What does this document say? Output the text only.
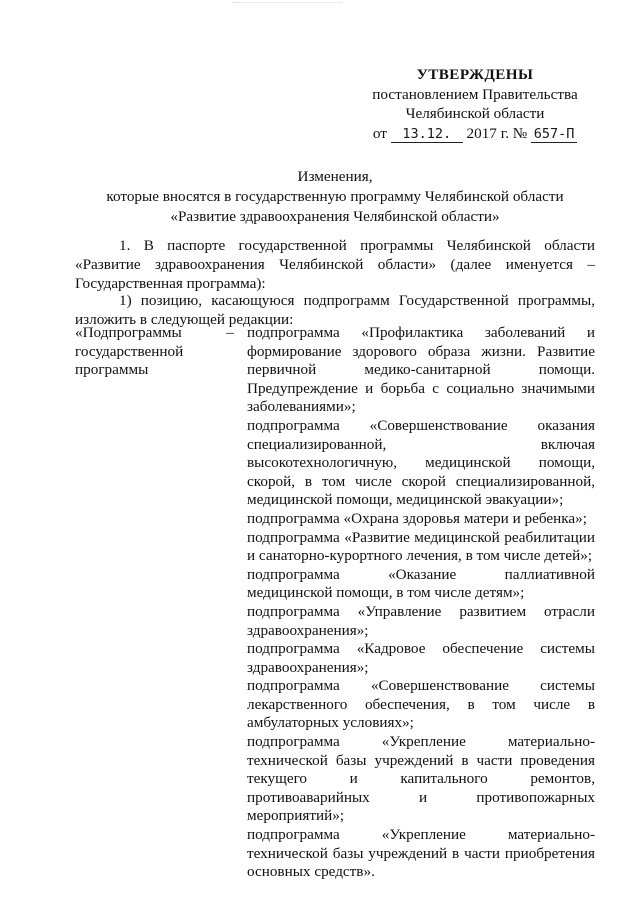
УТВЕРЖДЕНЫ
постановлением Правительства
Челябинской области
от 13.12. 2017 г. № 657-П
Изменения,
которые вносятся в государственную программу Челябинской области
«Развитие здравоохранения Челябинской области»
1. В паспорте государственной программы Челябинской области «Развитие здравоохранения Челябинской области» (далее именуется – Государственная программа):
1) позицию, касающуюся подпрограмм Государственной программы, изложить в следующей редакции:
«Подпрограммы государственной программы
– подпрограмма «Профилактика заболеваний и формирование здорового образа жизни. Развитие первичной медико-санитарной помощи. Предупреждение и борьба с социально значимыми заболеваниями»;

подпрограмма «Совершенствование оказания специализированной, включая высокотехнологичную, медицинской помощи, скорой, в том числе скорой специализированной, медицинской помощи, медицинской эвакуации»;

подпрограмма «Охрана здоровья матери и ребенка»;

подпрограмма «Развитие медицинской реабилитации и санаторно-курортного лечения, в том числе детей»;

подпрограмма «Оказание паллиативной медицинской помощи, в том числе детям»;

подпрограмма «Управление развитием отрасли здравоохранения»;

подпрограмма «Кадровое обеспечение системы здравоохранения»;

подпрограмма «Совершенствование системы лекарственного обеспечения, в том числе в амбулаторных условиях»;

подпрограмма «Укрепление материально-технической базы учреждений в части проведения текущего и капитального ремонтов, противоаварийных и противопожарных мероприятий»;

подпрограмма «Укрепление материально-технической базы учреждений в части приобретения основных средств».
